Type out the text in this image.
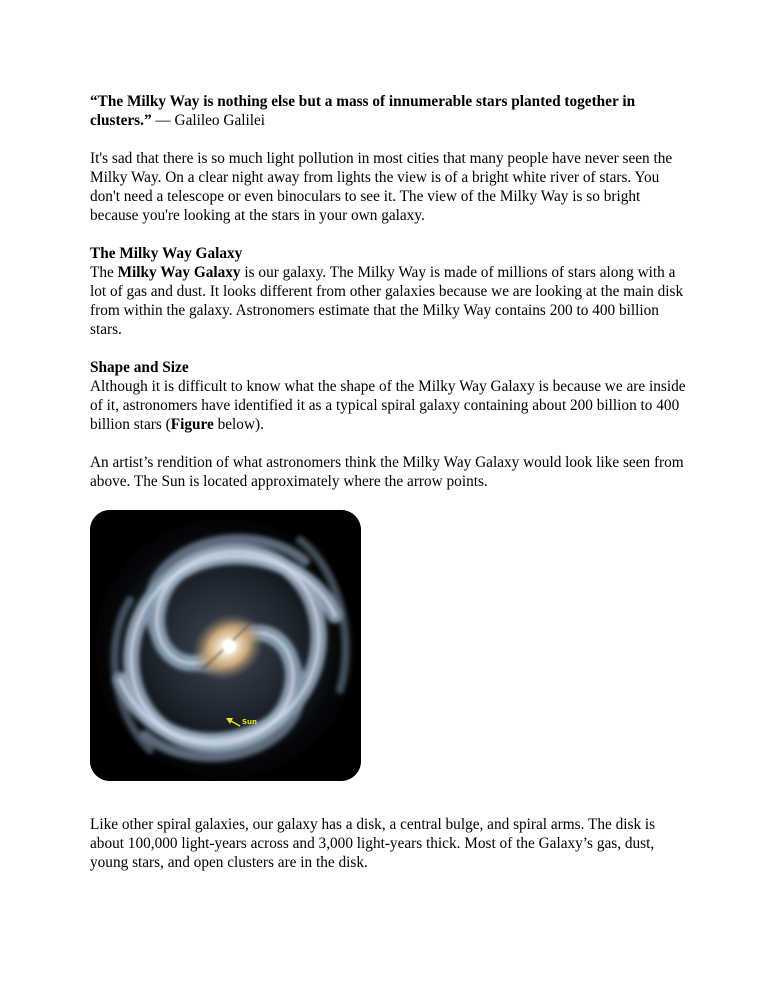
“The Milky Way is nothing else but a mass of innumerable stars planted together in clusters.” — Galileo Galilei

It's sad that there is so much light pollution in most cities that many people have never seen the Milky Way. On a clear night away from lights the view is of a bright white river of stars. You don't need a telescope or even binoculars to see it. The view of the Milky Way is so bright because you're looking at the stars in your own galaxy.

The Milky Way Galaxy
The Milky Way Galaxy is our galaxy. The Milky Way is made of millions of stars along with a lot of gas and dust. It looks different from other galaxies because we are looking at the main disk from within the galaxy. Astronomers estimate that the Milky Way contains 200 to 400 billion stars.

Shape and Size
Although it is difficult to know what the shape of the Milky Way Galaxy is because we are inside of it, astronomers have identified it as a typical spiral galaxy containing about 200 billion to 400 billion stars (Figure below).

An artist’s rendition of what astronomers think the Milky Way Galaxy would look like seen from above. The Sun is located approximately where the arrow points.

Sun

Like other spiral galaxies, our galaxy has a disk, a central bulge, and spiral arms. The disk is about 100,000 light-years across and 3,000 light-years thick. Most of the Galaxy’s gas, dust, young stars, and open clusters are in the disk.
